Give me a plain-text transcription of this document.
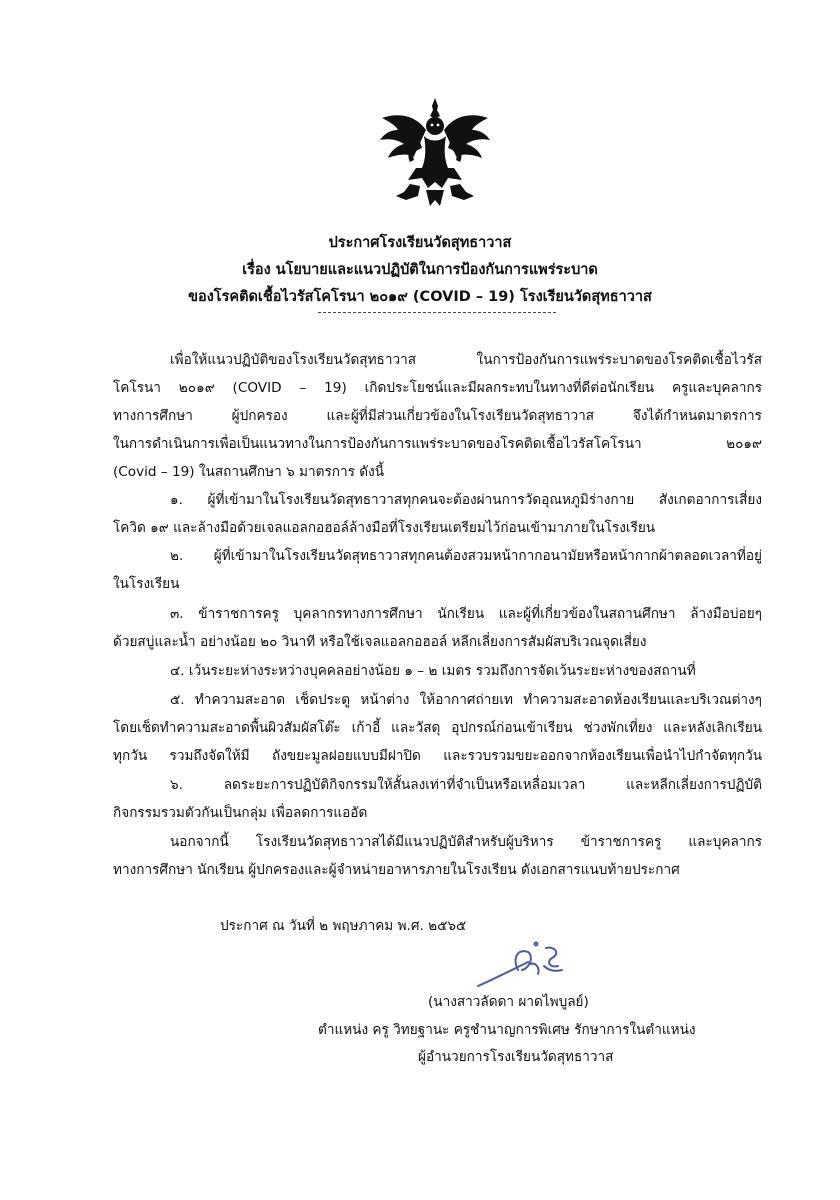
ประกาศโรงเรียนวัดสุทธาวาส
เรื่อง นโยบายและแนวปฏิบัติในการป้องกันการแพร่ระบาด
ของโรคติดเชื้อไวรัสโคโรนา ๒๐๑๙ (COVID – 19) โรงเรียนวัดสุทธาวาส
เพื่อให้แนวปฏิบัติของโรงเรียนวัดสุทธาวาส ในการป้องกันการแพร่ระบาดของโรคติดเชื้อไวรัส
โคโรนา ๒๐๑๙ (COVID – 19) เกิดประโยชน์และมีผลกระทบในทางที่ดีต่อนักเรียน ครูและบุคลากร
ทางการศึกษา ผู้ปกครอง และผู้ที่มีส่วนเกี่ยวข้องในโรงเรียนวัดสุทธาวาส จึงได้กำหนดมาตรการ
ในการดำเนินการเพื่อเป็นแนวทางในการป้องกันการแพร่ระบาดของโรคติดเชื้อไวรัสโคโรนา ๒๐๑๙
(Covid – 19) ในสถานศึกษา ๖ มาตรการ ดังนี้
๑. ผู้ที่เข้ามาในโรงเรียนวัดสุทธาวาสทุกคนจะต้องผ่านการวัดอุณหภูมิร่างกาย สังเกตอาการเสี่ยง
โควิด ๑๙ และล้างมือด้วยเจลแอลกอฮอล์ล้างมือที่โรงเรียนเตรียมไว้ก่อนเข้ามาภายในโรงเรียน
๒. ผู้ที่เข้ามาในโรงเรียนวัดสุทธาวาสทุกคนต้องสวมหน้ากากอนามัยหรือหน้ากากผ้าตลอดเวลาที่อยู่
ในโรงเรียน
๓. ข้าราชการครู บุคลากรทางการศึกษา นักเรียน และผู้ที่เกี่ยวข้องในสถานศึกษา ล้างมือบ่อยๆ
ด้วยสบู่และน้ำ อย่างน้อย ๒๐ วินาที หรือใช้เจลแอลกอฮอล์ หลีกเลี่ยงการสัมผัสบริเวณจุดเสี่ยง
๔. เว้นระยะห่างระหว่างบุคคลอย่างน้อย ๑ – ๒ เมตร รวมถึงการจัดเว้นระยะห่างของสถานที่
๕. ทำความสะอาด เช็ดประตู หน้าต่าง ให้อากาศถ่ายเท ทำความสะอาดห้องเรียนและบริเวณต่างๆ
โดยเช็ดทำความสะอาดพื้นผิวสัมผัสโต๊ะ เก้าอี้ และวัสดุ อุปกรณ์ก่อนเข้าเรียน ช่วงพักเที่ยง และหลังเลิกเรียน
ทุกวัน รวมถึงจัดให้มี ถังขยะมูลฝอยแบบมีฝาปิด และรวบรวมขยะออกจากห้องเรียนเพื่อนำไปกำจัดทุกวัน
๖. ลดระยะการปฏิบัติกิจกรรมให้สั้นลงเท่าที่จำเป็นหรือเหลื่อมเวลา และหลีกเลี่ยงการปฏิบัติ
กิจกรรมรวมตัวกันเป็นกลุ่ม เพื่อลดการแออัด
นอกจากนี้ โรงเรียนวัดสุทธาวาสได้มีแนวปฏิบัติสำหรับผู้บริหาร ข้าราชการครู และบุคลากร
ทางการศึกษา นักเรียน ผู้ปกครองและผู้จำหน่ายอาหารภายในโรงเรียน ดังเอกสารแนบท้ายประกาศ
ประกาศ ณ วันที่ ๒ พฤษภาคม พ.ศ. ๒๕๖๕
(นางสาวลัดดา ผาดไพบูลย์)
ตำแหน่ง ครู วิทยฐานะ ครูชำนาญการพิเศษ รักษาการในตำแหน่ง
ผู้อำนวยการโรงเรียนวัดสุทธาวาส
